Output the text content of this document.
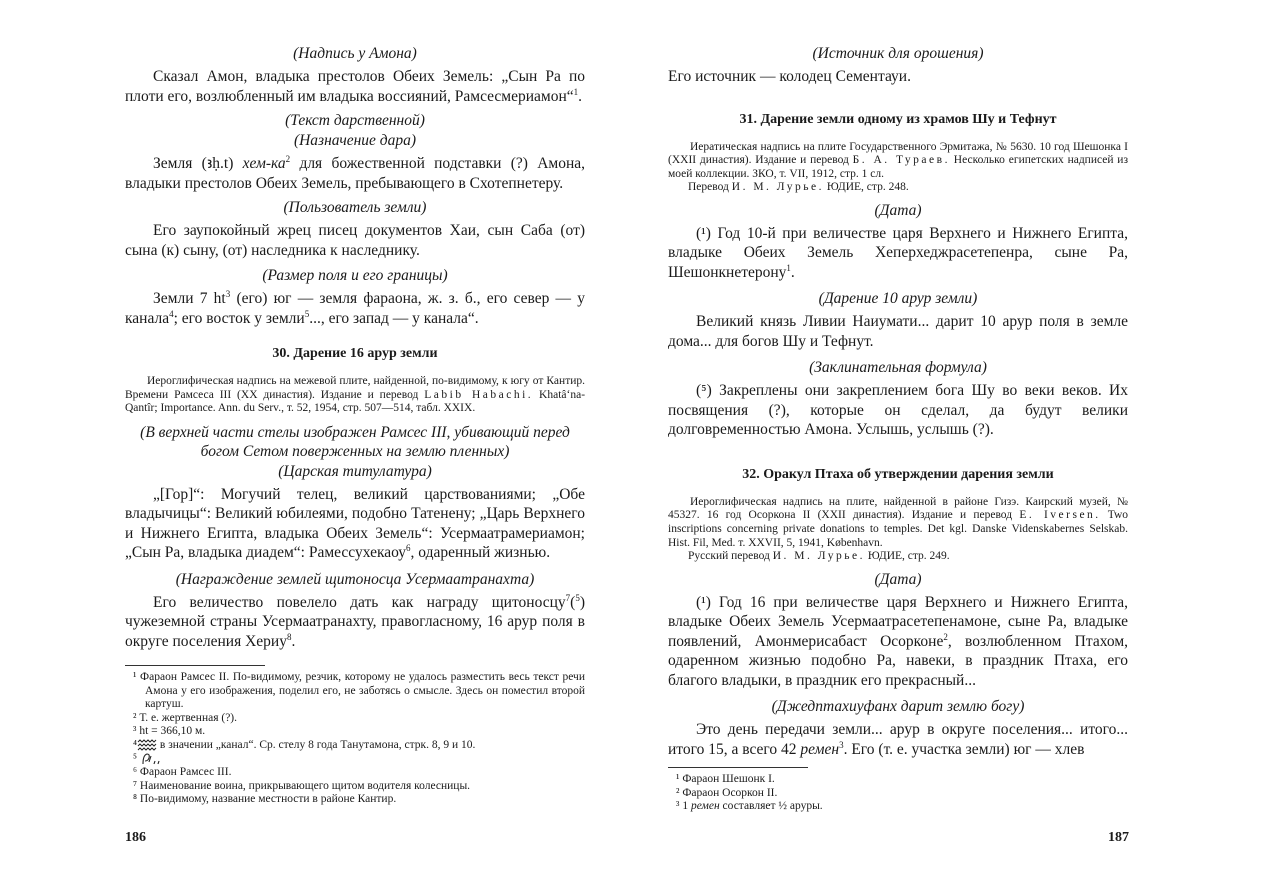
(Надпись у Амона)

Сказал Амон, владыка престолов Обеих Земель: „Сын Ра по плоти его, возлюбленный им владыка воссияний, Рамсесмериамон“$^1$.

(Текст дарственной)

(Назначение дара)

Земля (ꜣḥ.t) хем-$ка^2$ для божественной подставки (?) Амона, владыки престолов Обеих Земель, пребывающего в Схотепнетеру.

(Пользователь земли)

Его заупокойный жрец писец документов Хаи, сын Саба (от) сына (к) сыну, (от) наследника к наследнику.

(Размер поля и его границы)

Земли 7 $ht^3$ (его) юг — земля фараона, ж. з. б., его север — у канала$^4$; его восток у земли$^5$..., его запад — у канала“.

30. Дарение 16 арур земли

Иероглифическая надпись на межевой плите, найденной, по-видимому, к югу от Кантир. Времени Рамсеса III (XX династия). Издание и перевод Labib Habachi. Khatâ‘na-Qantîr; Importance. Ann. du Serv., т. 52, 1954, стр. 507—514, табл. XXIX.

(В верхней части стелы изображен Рамсес III, убивающий перед богом Сетом поверженных на землю пленных)

(Царская титулатура)

„[Гор]“: Могучий телец, великий царствованиями; „Обе владычицы“: Великий юбилеями, подобно Татенену; „Царь Верхнего и Нижнего Египта, владыка Обеих Земель“: Усермаатрамериамон; „Сын Ра, владыка диадем“: Рамессухекаоу$^6$, одаренный жизнью.

(Награждение землей щитоносца Усермаатранахта)

Его величество повелело дать как награду щитоносцу$^7$($^5$) чужеземной страны Усермаатранахту, правогласному, 16 арур поля в округе поселения Хериу$^8$.

¹ Фараон Рамсес II. По-видимому, резчик, которому не удалось разместить весь текст речи Амона у его изображения, поделил его, не заботясь о смысле. Здесь он поместил второй картуш.

² Т. е. жертвенная (?).

³ ht = 366,10 м.

⁴ в значении „канал“. Ср. стелу 8 года Танутамона, стрк. 8, 9 и 10.

⁵

⁶ Фараон Рамсес III.

⁷ Наименование воина, прикрывающего щитом водителя колесницы.

⁸ По-видимому, название местности в районе Кантир.

186

(Источник для орошения)

Его источник — колодец Сементауи.

31. Дарение земли одному из храмов Шу и Тефнут

Иератическая надпись на плите Государственного Эрмитажа, № 5630. 10 год Шешонка I (XXII династия). Издание и перевод Б. А. Тураев. Несколько египетских надписей из моей коллекции. ЗКО, т. VII, 1912, стр. 1 сл.

Перевод И. М. Лурье. ЮДИЕ, стр. 248.

(Дата)

(¹) Год 10-й при величестве царя Верхнего и Нижнего Египта, владыке Обеих Земель Хеперхеджрасетепенра, сыне Ра, Шешонкнетерону$^1$.

(Дарение 10 арур земли)

Великий князь Ливии Наиумати... дарит 10 арур поля в земле дома... для богов Шу и Тефнут.

(Заклинательная формула)

(⁵) Закреплены они закреплением бога Шу во веки веков. Их посвящения (?), которые он сделал, да будут велики долговременностью Амона. Услышь, услышь (?).

32. Оракул Птаха об утверждении дарения земли

Иероглифическая надпись на плите, найденной в районе Гизэ. Каирский музей, № 45327. 16 год Осоркона II (XXII династия). Издание и перевод E. Iversen. Two inscriptions concerning private donations to temples. Det kgl. Danske Videnskabernes Selskab. Hist. Fil, Med. т. XXVII, 5, 1941, København.

Русский перевод И. М. Лурье. ЮДИЕ, стр. 249.

(Дата)

(¹) Год 16 при величестве царя Верхнего и Нижнего Египта, владыке Обеих Земель Усермаатрасетепенамоне, сыне Ра, владыке появлений, Амонмерисабаст Осорконе$^2$, возлюбленном Птахом, одаренном жизнью подобно Ра, навеки, в праздник Птаха, его благого владыки, в праздник его прекрасный...

(Джедптахиуфанх дарит землю богу)

Это день передачи земли... арур в округе поселения... итого... итого 15, а всего 42 ремен$^3$. Его (т. е. участка земли) юг — хлев

¹ Фараон Шешонк I.

² Фараон Осоркон II.

³ 1 ремен составляет ½ аруры.

187
